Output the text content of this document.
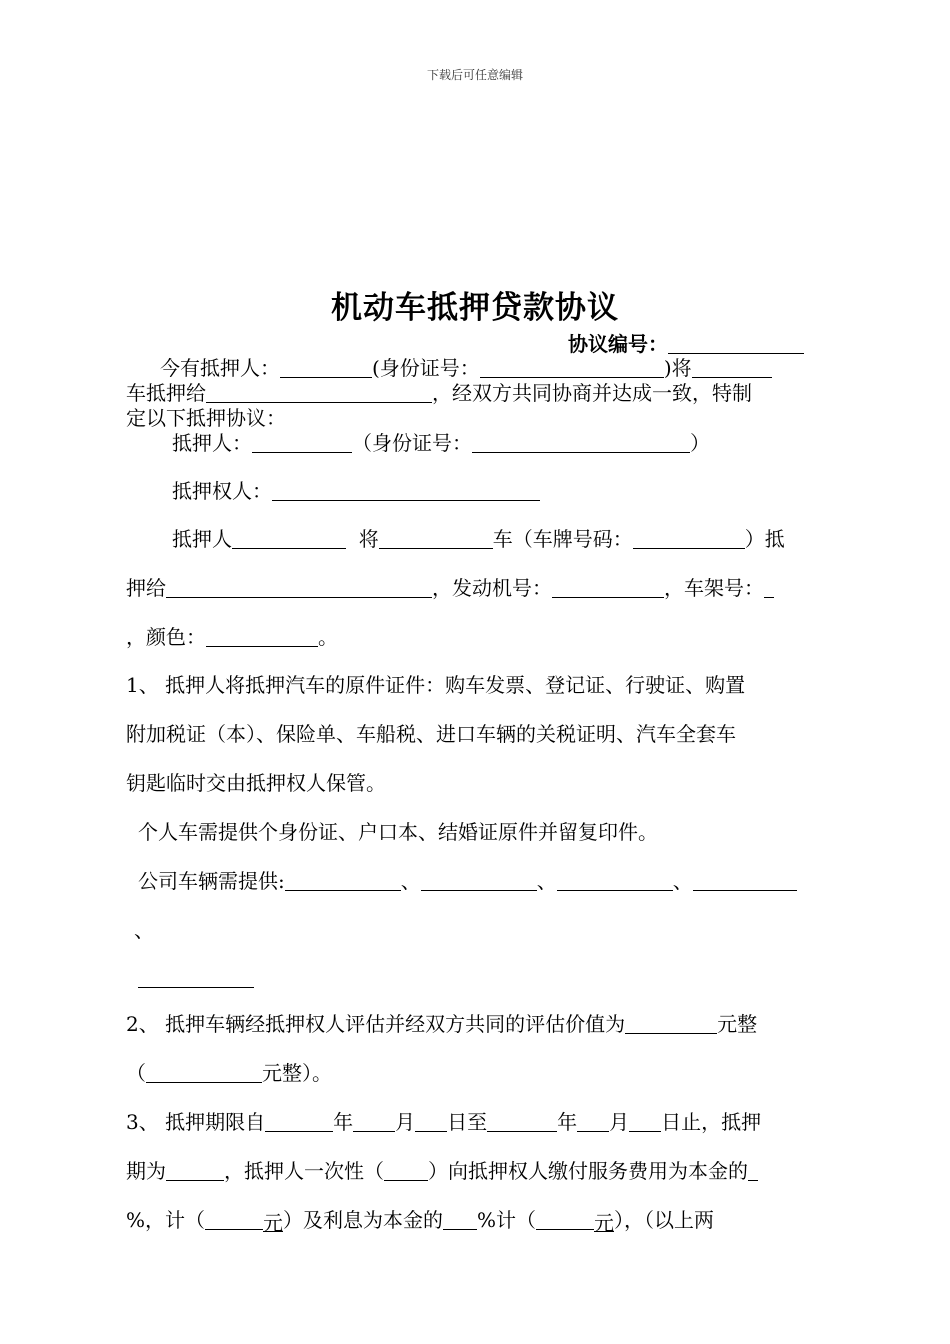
下载后可任意编辑
机动车抵押贷款协议
协议编号：
今有抵押人：	(身份证号：	)将
车抵押给	，经双方共同协商并达成一致，特制
定以下抵押协议：
抵押人：	（身份证号：	）
抵押权人：
抵押人	将	车（车牌号码：	）抵
押给	，发动机号：	，车架号：
，颜色：	。
1、 抵押人将抵押汽车的原件证件：购车发票、登记证、行驶证、购置
附加税证（本）、保险单、车船税、进口车辆的关税证明、汽车全套车
钥匙临时交由抵押权人保管。
个人车需提供个身份证、户口本、结婚证原件并留复印件。
公司车辆需提供:	、	、	、
、
2、 抵押车辆经抵押权人评估并经双方共同的评估价值为	元整
（	元整）。
3、 抵押期限自	年 月 日至	年 月 日止，抵押
期为	，抵押人一次性（ ）向抵押权人缴付服务费用为本金的
%，计（	元）及利息为本金的 %计（	元），（以上两
